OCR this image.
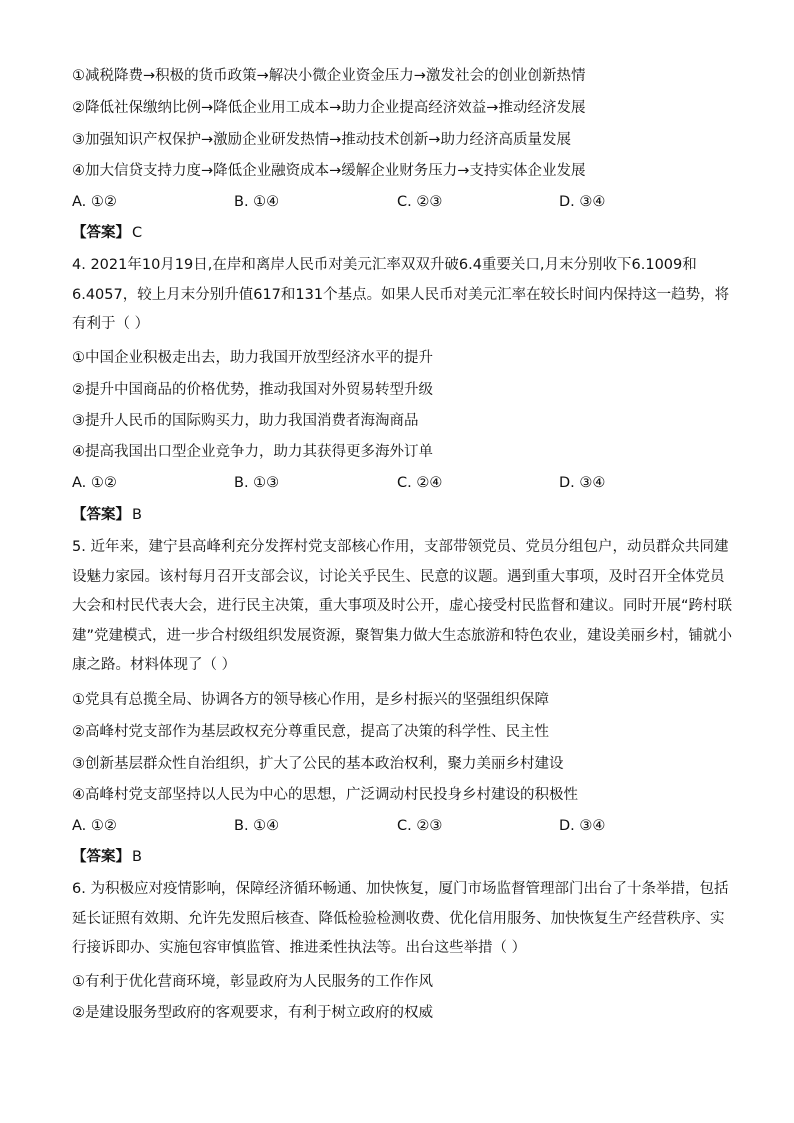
①减税降费→积极的货币政策→解决小微企业资金压力→激发社会的创业创新热情
②降低社保缴纳比例→降低企业用工成本→助力企业提高经济效益→推动经济发展
③加强知识产权保护→激励企业研发热情→推动技术创新→助力经济高质量发展
④加大信贷支持力度→降低企业融资成本→缓解企业财务压力→支持实体企业发展
A. ①②	B. ①④	C. ②③	D. ③④
【答案】 C
4. 2021年10月19日,在岸和离岸人民币对美元汇率双双升破6.4重要关口,月末分别收下6.1009和6.4057，较上月末分别升值617和131个基点。如果人民币对美元汇率在较长时间内保持这一趋势，将有利于（ ）
①中国企业积极走出去，助力我国开放型经济水平的提升
②提升中国商品的价格优势，推动我国对外贸易转型升级
③提升人民币的国际购买力，助力我国消费者海淘商品
④提高我国出口型企业竞争力，助力其获得更多海外订单
A. ①②	B. ①③	C. ②④	D. ③④
【答案】 B
5. 近年来，建宁县高峰利充分发挥村党支部核心作用，支部带领党员、党员分组包户，动员群众共同建设魅力家园。该村每月召开支部会议，讨论关乎民生、民意的议题。遇到重大事项，及时召开全体党员大会和村民代表大会，进行民主决策，重大事项及时公开，虚心接受村民监督和建议。同时开展“跨村联建”党建模式，进一步合村级组织发展资源，聚智集力做大生态旅游和特色农业，建设美丽乡村，铺就小康之路。材料体现了（ ）
①党具有总揽全局、协调各方的领导核心作用，是乡村振兴的坚强组织保障
②高峰村党支部作为基层政权充分尊重民意，提高了决策的科学性、民主性
③创新基层群众性自治组织，扩大了公民的基本政治权利，聚力美丽乡村建设
④高峰村党支部坚持以人民为中心的思想，广泛调动村民投身乡村建设的积极性
A. ①②	B. ①④	C. ②③	D. ③④
【答案】 B
6. 为积极应对疫情影响，保障经济循环畅通、加快恢复，厦门市场监督管理部门出台了十条举措，包括延长证照有效期、允许先发照后核查、降低检验检测收费、优化信用服务、加快恢复生产经营秩序、实行接诉即办、实施包容审慎监管、推进柔性执法等。出台这些举措（ ）
①有利于优化营商环境，彰显政府为人民服务的工作作风
②是建设服务型政府的客观要求，有利于树立政府的权威
